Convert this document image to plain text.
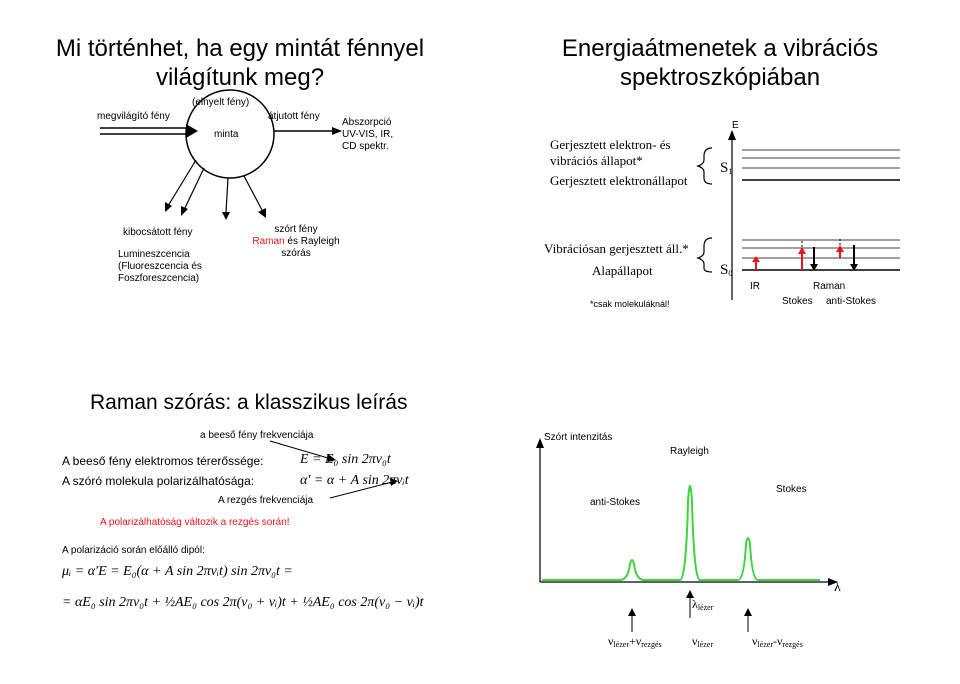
Mi történhet, ha egy mintát fénnyel
világítunk meg?
megvilágító fény
(elnyelt fény)
minta
átjutott fény
Abszorpció
UV-VIS, IR,
CD spektr.
kibocsátott fény
Lumineszcencia
(Fluoreszcencia és
Foszforeszcencia)
szórt fény
Raman és Rayleigh
szórás
Energiaátmenetek a vibrációs
spektroszkópiában
Gerjesztett elektron- és
vibrációs állapot*
Gerjesztett elektronállapot
$S_1$
E
Vibrációsan gerjesztett áll.*
Alapállapot	$S_0$
IR	Raman
Stokes anti-Stokes
*csak molekuláknál!
Raman szórás: a klasszikus leírás
a beeső fény frekvenciája
A beeső fény elektromos térerőssége:
A szóró molekula polarizálhatósága:
E = E₀ sin 2πν₀t
α′ = α + A sin 2πνᵢt
A rezgés frekvenciája
A polarizálhatóság változik a rezgés során!
A polarizáció során előálló dipól:
μᵢ = α′E = E₀(α + A sin 2πνᵢt) sin 2πν₀t =
= αE₀ sin 2πν₀t + ½AE₀ cos 2π(ν₀ + νᵢ)t + ½AE₀ cos 2π(ν₀ − νᵢ)t
Szórt intenzitás
Rayleigh
Stokes
anti-Stokes
λ
$\lambda_{lézer}$
$\nu_{lézer}+\nu_{rezgés}$	$\nu_{lézer}$	$\nu_{lézer}-\nu_{rezgés}$
